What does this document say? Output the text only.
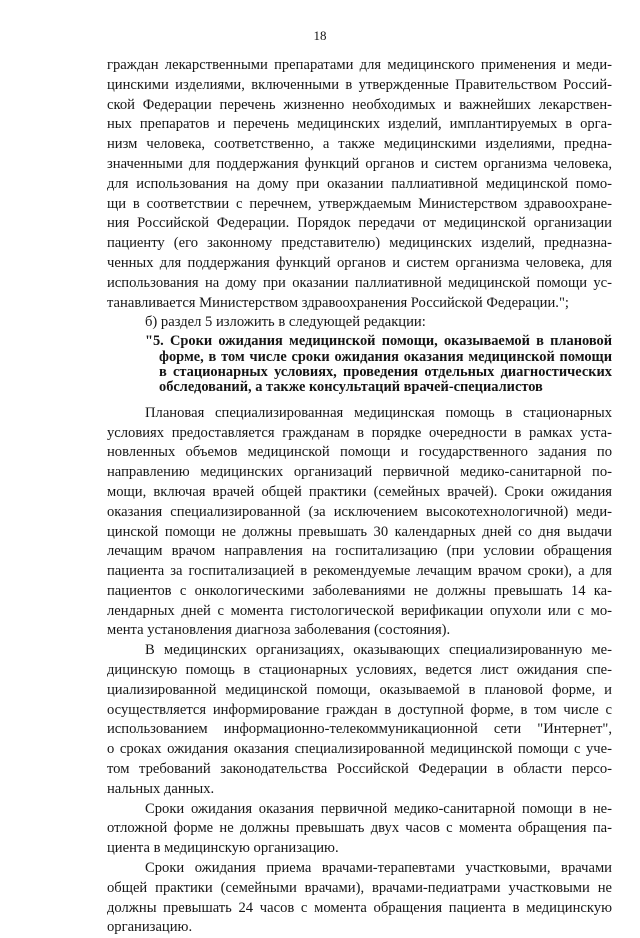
18
граждан лекарственными препаратами для медицинского применения и меди-
цинскими изделиями, включенными в утвержденные Правительством Россий-
ской Федерации перечень жизненно необходимых и важнейших лекарствен-
ных препаратов и перечень медицинских изделий, имплантируемых в орга-
низм человека, соответственно, а также медицинскими изделиями, предна-
значенными для поддержания функций органов и систем организма человека,
для использования на дому при оказании паллиативной медицинской помо-
щи в соответствии с перечнем, утверждаемым Министерством здравоохране-
ния Российской Федерации. Порядок передачи от медицинской организации
пациенту (его законному представителю) медицинских изделий, предназна-
ченных для поддержания функций органов и систем организма человека, для
использования на дому при оказании паллиативной медицинской помощи ус-
танавливается Министерством здравоохранения Российской Федерации.";
б) раздел 5 изложить в следующей редакции:
"5. Сроки ожидания медицинской помощи, оказываемой в плановой
форме, в том числе сроки ожидания оказания медицинской помощи
в стационарных условиях, проведения отдельных диагностических
обследований, а также консультаций врачей-специалистов
Плановая специализированная медицинская помощь в стационарных
условиях предоставляется гражданам в порядке очередности в рамках уста-
новленных объемов медицинской помощи и государственного задания по
направлению медицинских организаций первичной медико-санитарной по-
мощи, включая врачей общей практики (семейных врачей). Сроки ожидания
оказания специализированной (за исключением высокотехнологичной) меди-
цинской помощи не должны превышать 30 календарных дней со дня выдачи
лечащим врачом направления на госпитализацию (при условии обращения
пациента за госпитализацией в рекомендуемые лечащим врачом сроки), а для
пациентов с онкологическими заболеваниями не должны превышать 14 ка-
лендарных дней с момента гистологической верификации опухоли или с мо-
мента установления диагноза заболевания (состояния).
В медицинских организациях, оказывающих специализированную ме-
дицинскую помощь в стационарных условиях, ведется лист ожидания спе-
циализированной медицинской помощи, оказываемой в плановой форме, и
осуществляется информирование граждан в доступной форме, в том числе с
использованием информационно-телекоммуникационной сети "Интернет",
о сроках ожидания оказания специализированной медицинской помощи с уче-
том требований законодательства Российской Федерации в области персо-
нальных данных.
Сроки ожидания оказания первичной медико-санитарной помощи в не-
отложной форме не должны превышать двух часов с момента обращения па-
циента в медицинскую организацию.
Сроки ожидания приема врачами-терапевтами участковыми, врачами
общей практики (семейными врачами), врачами-педиатрами участковыми не
должны превышать 24 часов с момента обращения пациента в медицинскую
организацию.
